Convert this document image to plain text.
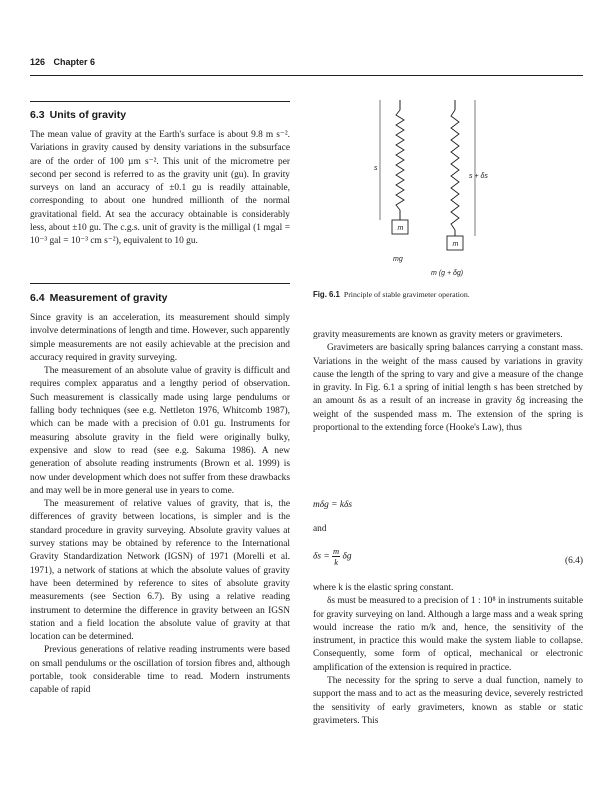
126 Chapter 6
6.3 Units of gravity

The mean value of gravity at the Earth's surface is about 9.8 m s⁻². Variations in gravity caused by density variations in the subsurface are of the order of 100 µm s⁻². This unit of the micrometre per second per second is referred to as the gravity unit (gu). In gravity surveys on land an accuracy of ±0.1 gu is readily attainable, corresponding to about one hundred millionth of the normal gravitational field. At sea the accuracy obtainable is considerably less, about ±10 gu. The c.g.s. unit of gravity is the milligal (1 mgal = 10⁻³ gal = 10⁻³ cm s⁻²), equivalent to 10 gu.

6.4 Measurement of gravity

Since gravity is an acceleration, its measurement should simply involve determinations of length and time. However, such apparently simple measurements are not easily achievable at the precision and accuracy required in gravity surveying.

The measurement of an absolute value of gravity is difficult and requires complex apparatus and a lengthy period of observation. Such measurement is classically made using large pendulums or falling body techniques (see e.g. Nettleton 1976, Whitcomb 1987), which can be made with a precision of 0.01 gu. Instruments for measuring absolute gravity in the field were originally bulky, expensive and slow to read (see e.g. Sakuma 1986). A new generation of absolute reading instruments (Brown et al. 1999) is now under development which does not suffer from these drawbacks and may well be in more general use in years to come.

The measurement of relative values of gravity, that is, the differences of gravity between locations, is simpler and is the standard procedure in gravity surveying. Absolute gravity values at survey stations may be obtained by reference to the International Gravity Standardization Network (IGSN) of 1971 (Morelli et al. 1971), a network of stations at which the absolute values of gravity have been determined by reference to sites of absolute gravity measurements (see Section 6.7). By using a relative reading instrument to determine the difference in gravity between an IGSN station and a field location the absolute value of gravity at that location can be determined.

Previous generations of relative reading instruments were based on small pendulums or the oscillation of torsion fibres and, although portable, took considerable time to read. Modern instruments capable of rapid

m
s
mg
m
s + δs
m (g + δg)
Fig. 6.1 Principle of stable gravimeter operation.

gravity measurements are known as gravity meters or gravimeters.

Gravimeters are basically spring balances carrying a constant mass. Variations in the weight of the mass caused by variations in gravity cause the length of the spring to vary and give a measure of the change in gravity. In Fig. 6.1 a spring of initial length s has been stretched by an amount δs as a result of an increase in gravity δg increasing the weight of the suspended mass m. The extension of the spring is proportional to the extending force (Hooke's Law), thus

mδg = kδs
and
$\delta s = \frac{m}{k}$ δg	(6.4)

where k is the elastic spring constant.

δs must be measured to a precision of 1 : 10⁸ in instruments suitable for gravity surveying on land. Although a large mass and a weak spring would increase the ratio m/k and, hence, the sensitivity of the instrument, in practice this would make the system liable to collapse. Consequently, some form of optical, mechanical or electronic amplification of the extension is required in practice.

The necessity for the spring to serve a dual function, namely to support the mass and to act as the measuring device, severely restricted the sensitivity of early gravimeters, known as stable or static gravimeters. This
